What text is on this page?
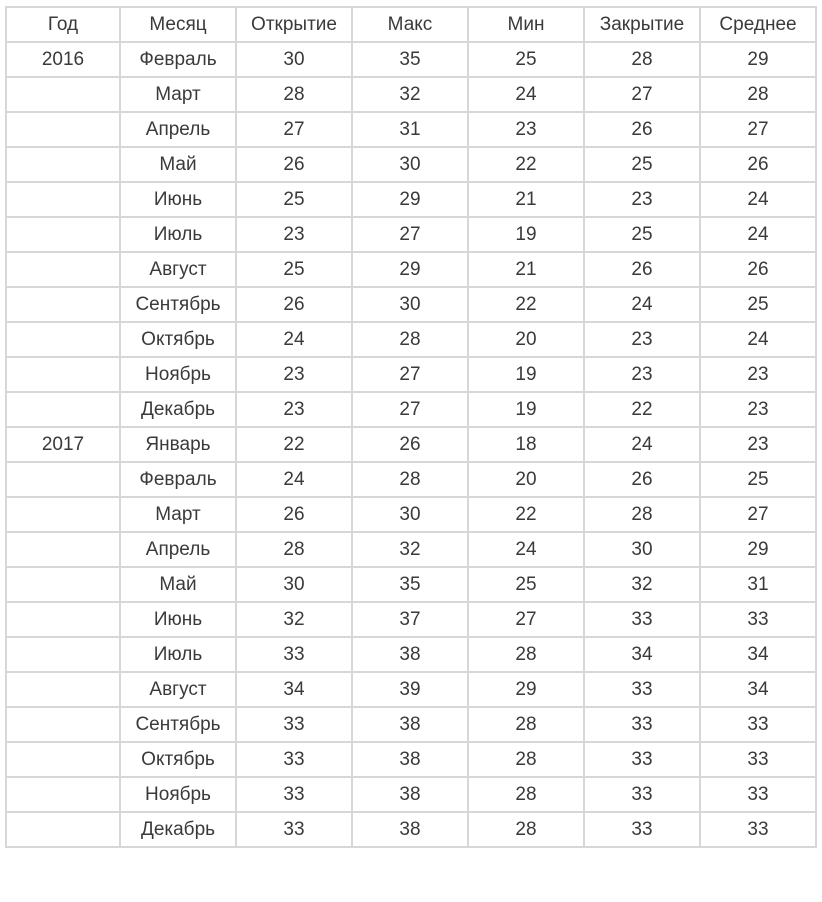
Год	Месяц	Открытие	Макс	Мин	Закрытие	Среднее
2016	Февраль	30	35	25	28	29
	Март	28	32	24	27	28
	Апрель	27	31	23	26	27
	Май	26	30	22	25	26
	Июнь	25	29	21	23	24
	Июль	23	27	19	25	24
	Август	25	29	21	26	26
	Сентябрь	26	30	22	24	25
	Октябрь	24	28	20	23	24
	Ноябрь	23	27	19	23	23
	Декабрь	23	27	19	22	23
2017	Январь	22	26	18	24	23
	Февраль	24	28	20	26	25
	Март	26	30	22	28	27
	Апрель	28	32	24	30	29
	Май	30	35	25	32	31
	Июнь	32	37	27	33	33
	Июль	33	38	28	34	34
	Август	34	39	29	33	34
	Сентябрь	33	38	28	33	33
	Октябрь	33	38	28	33	33
	Ноябрь	33	38	28	33	33
	Декабрь	33	38	28	33	33
